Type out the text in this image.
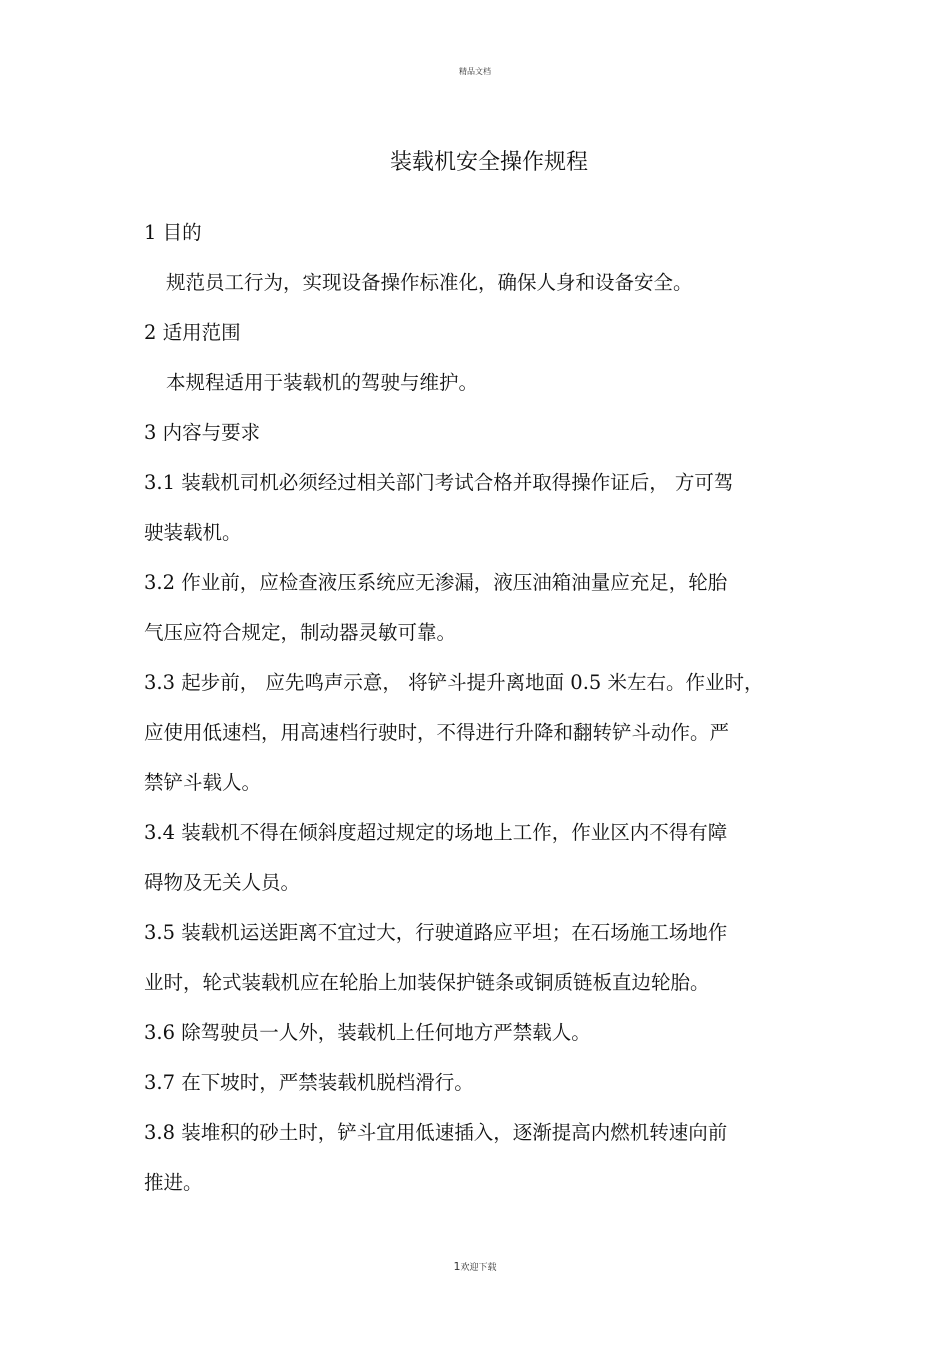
精品文档
装载机安全操作规程

1 目的

规范员工行为，实现设备操作标准化，确保人身和设备安全。

2 适用范围

本规程适用于装载机的驾驶与维护。

3 内容与要求

3.1 装载机司机必须经过相关部门考试合格并取得操作证后， 方可驾

驶装载机。

3.2 作业前，应检查液压系统应无渗漏，液压油箱油量应充足，轮胎

气压应符合规定，制动器灵敏可靠。

3.3 起步前， 应先鸣声示意， 将铲斗提升离地面 0.5 米左右。作业时，

应使用低速档，用高速档行驶时，不得进行升降和翻转铲斗动作。严

禁铲斗载人。

3.4 装载机不得在倾斜度超过规定的场地上工作，作业区内不得有障

碍物及无关人员。

3.5 装载机运送距离不宜过大，行驶道路应平坦；在石场施工场地作

业时，轮式装载机应在轮胎上加装保护链条或铜质链板直边轮胎。

3.6 除驾驶员一人外，装载机上任何地方严禁载人。

3.7 在下坡时，严禁装载机脱档滑行。

3.8 装堆积的砂土时，铲斗宜用低速插入，逐渐提高内燃机转速向前

推进。

1欢迎下载
